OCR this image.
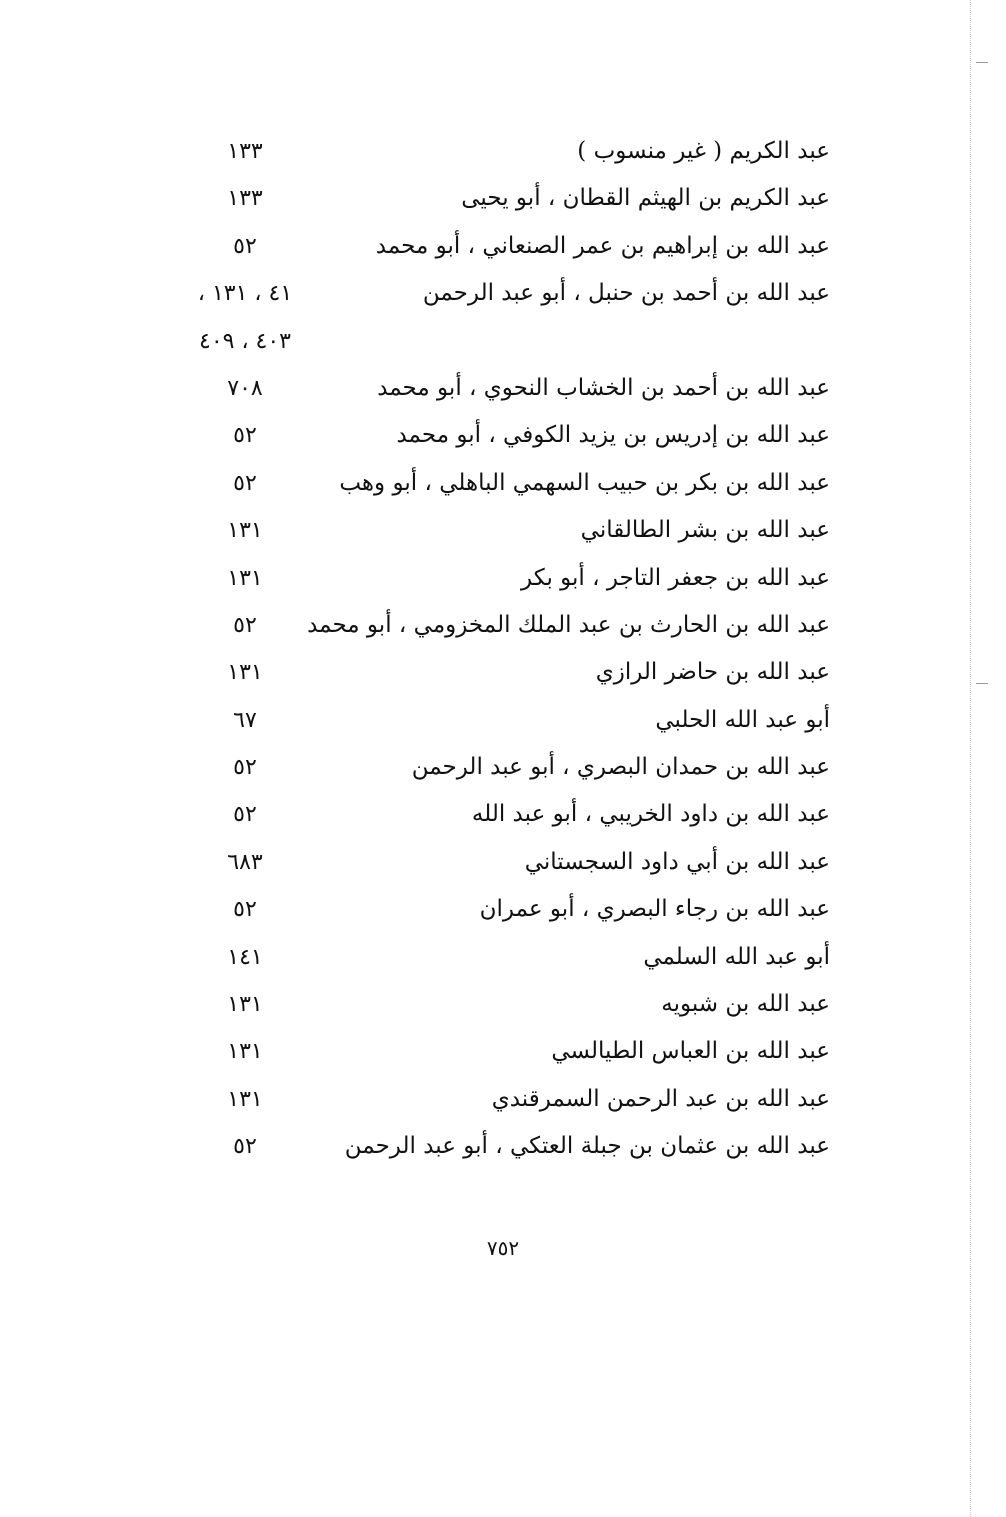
عبد الكريم ( غير منسوب )
١٣٣
عبد الكريم بن الهيثم القطان ، أبو يحيى
١٣٣
عبد الله بن إبراهيم بن عمر الصنعاني ، أبو محمد
٥٢
عبد الله بن أحمد بن حنبل ، أبو عبد الرحمن
٤١ ، ١٣١ ،
٤٠٣ ، ٤٠٩
عبد الله بن أحمد بن الخشاب النحوي ، أبو محمد
٧٠٨
عبد الله بن إدريس بن يزيد الكوفي ، أبو محمد
٥٢
عبد الله بن بكر بن حبيب السهمي الباهلي ، أبو وهب
٥٢
عبد الله بن بشر الطالقاني
١٣١
عبد الله بن جعفر التاجر ، أبو بكر
١٣١
عبد الله بن الحارث بن عبد الملك المخزومي ، أبو محمد
٥٢
عبد الله بن حاضر الرازي
١٣١
أبو عبد الله الحلبي
٦٧
عبد الله بن حمدان البصري ، أبو عبد الرحمن
٥٢
عبد الله بن داود الخريبي ، أبو عبد الله
٥٢
عبد الله بن أبي داود السجستاني
٦٨٣
عبد الله بن رجاء البصري ، أبو عمران
٥٢
أبو عبد الله السلمي
١٤١
عبد الله بن شبويه
١٣١
عبد الله بن العباس الطيالسي
١٣١
عبد الله بن عبد الرحمن السمرقندي
١٣١
عبد الله بن عثمان بن جبلة العتكي ، أبو عبد الرحمن
٥٢
٧٥٢
